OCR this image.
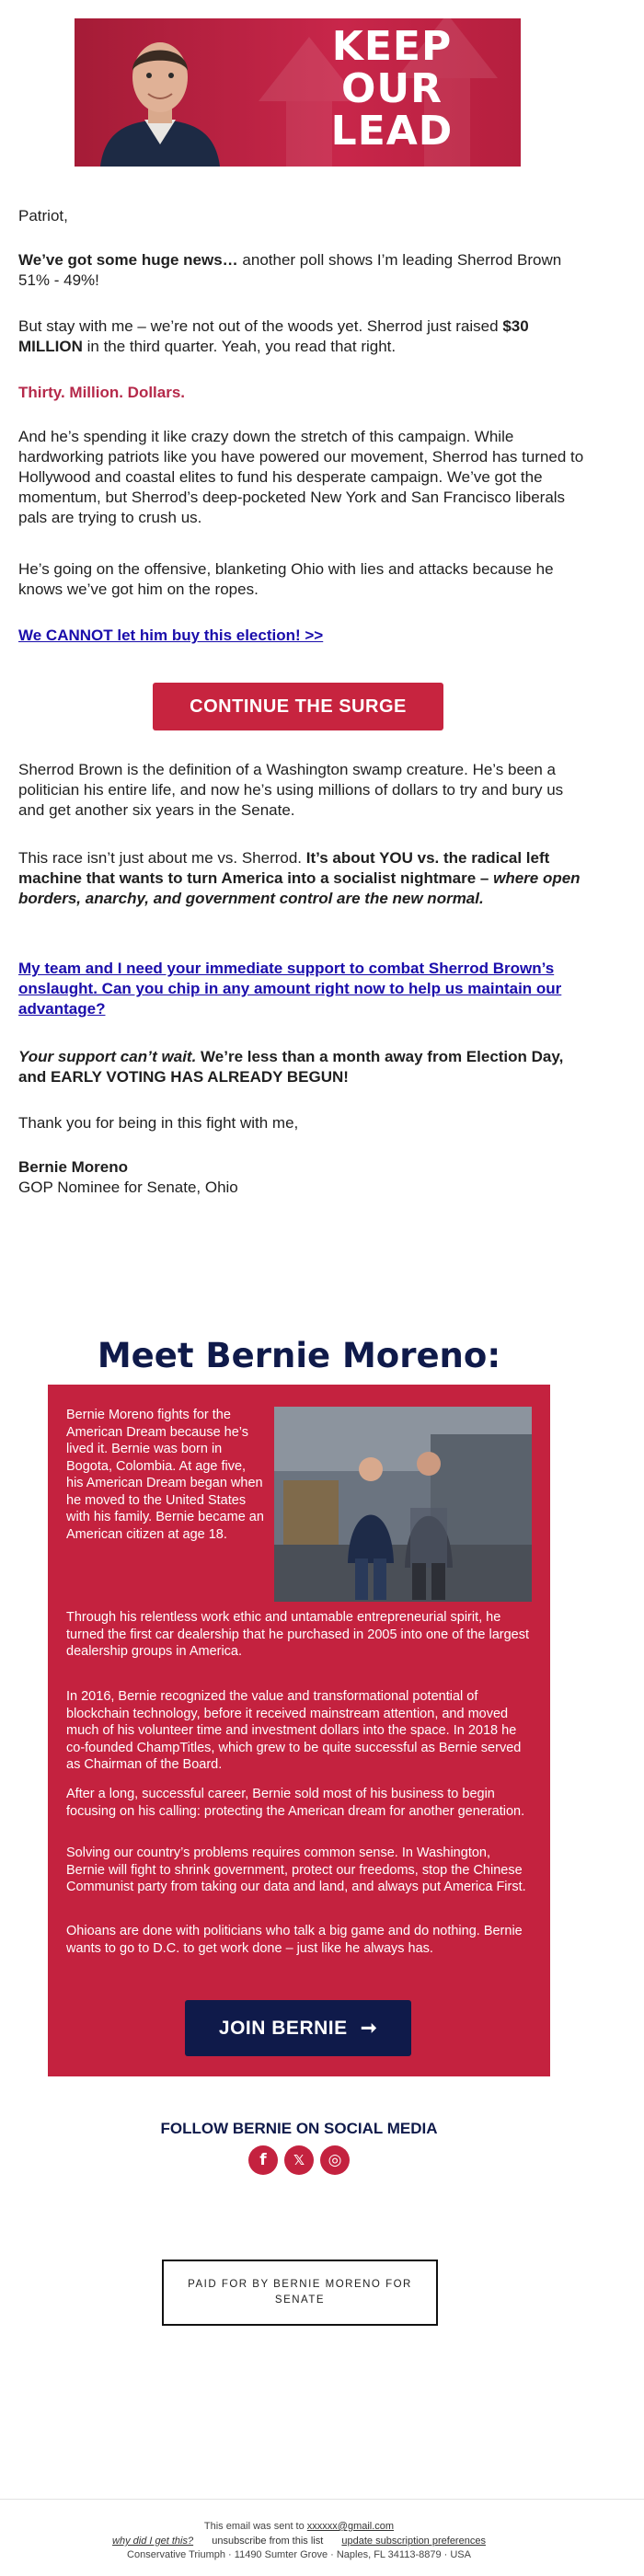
KEEP
OUR
LEAD
Patriot,
We’ve got some huge news… another poll shows I’m leading Sherrod Brown 51% - 49%!
But stay with me – we’re not out of the woods yet. Sherrod just raised $30 MILLION in the third quarter. Yeah, you read that right.
Thirty. Million. Dollars.
And he’s spending it like crazy down the stretch of this campaign. While hardworking patriots like you have powered our movement, Sherrod has turned to Hollywood and coastal elites to fund his desperate campaign. We’ve got the momentum, but Sherrod’s deep-pocketed New York and San Francisco liberals pals are trying to crush us.
He’s going on the offensive, blanketing Ohio with lies and attacks because he knows we’ve got him on the ropes.
We CANNOT let him buy this election! >>
CONTINUE THE SURGE
Sherrod Brown is the definition of a Washington swamp creature. He’s been a politician his entire life, and now he’s using millions of dollars to try and bury us and get another six years in the Senate.
This race isn’t just about me vs. Sherrod. It’s about YOU vs. the radical left machine that wants to turn America into a socialist nightmare – where open borders, anarchy, and government control are the new normal.
My team and I need your immediate support to combat Sherrod Brown’s onslaught. Can you chip in any amount right now to help us maintain our advantage?
Your support can’t wait. We’re less than a month away from Election Day, and EARLY VOTING HAS ALREADY BEGUN!
Thank you for being in this fight with me,
Bernie Moreno
GOP Nominee for Senate, Ohio
Meet Bernie Moreno:

Bernie Moreno fights for the American Dream because he’s lived it. Bernie was born in Bogota, Colombia. At age five, his American Dream began when he moved to the United States with his family. Bernie became an American citizen at age 18.

Through his relentless work ethic and untamable entrepreneurial spirit, he turned the first car dealership that he purchased in 2005 into one of the largest dealership groups in America.

In 2016, Bernie recognized the value and transformational potential of blockchain technology, before it received mainstream attention, and moved much of his volunteer time and investment dollars into the space. In 2018 he co-founded ChampTitles, which grew to be quite successful as Bernie served as Chairman of the Board.

After a long, successful career, Bernie sold most of his business to begin focusing on his calling: protecting the American dream for another generation.

Solving our country’s problems requires common sense. In Washington, Bernie will fight to shrink government, protect our freedoms, stop the Chinese Communist party from taking our data and land, and always put America First.

Ohioans are done with politicians who talk a big game and do nothing. Bernie wants to go to D.C. to get work done – just like he always has.

JOIN BERNIE ➞
FOLLOW BERNIE ON SOCIAL MEDIA
f	𝕏	◎
PAID FOR BY BERNIE MORENO FOR SENATE
This email was sent to xxxxxx@gmail.com
why did I get this? unsubscribe from this list update subscription preferences
Conservative Triumph · 11490 Sumter Grove · Naples, FL 34113-8879 · USA
